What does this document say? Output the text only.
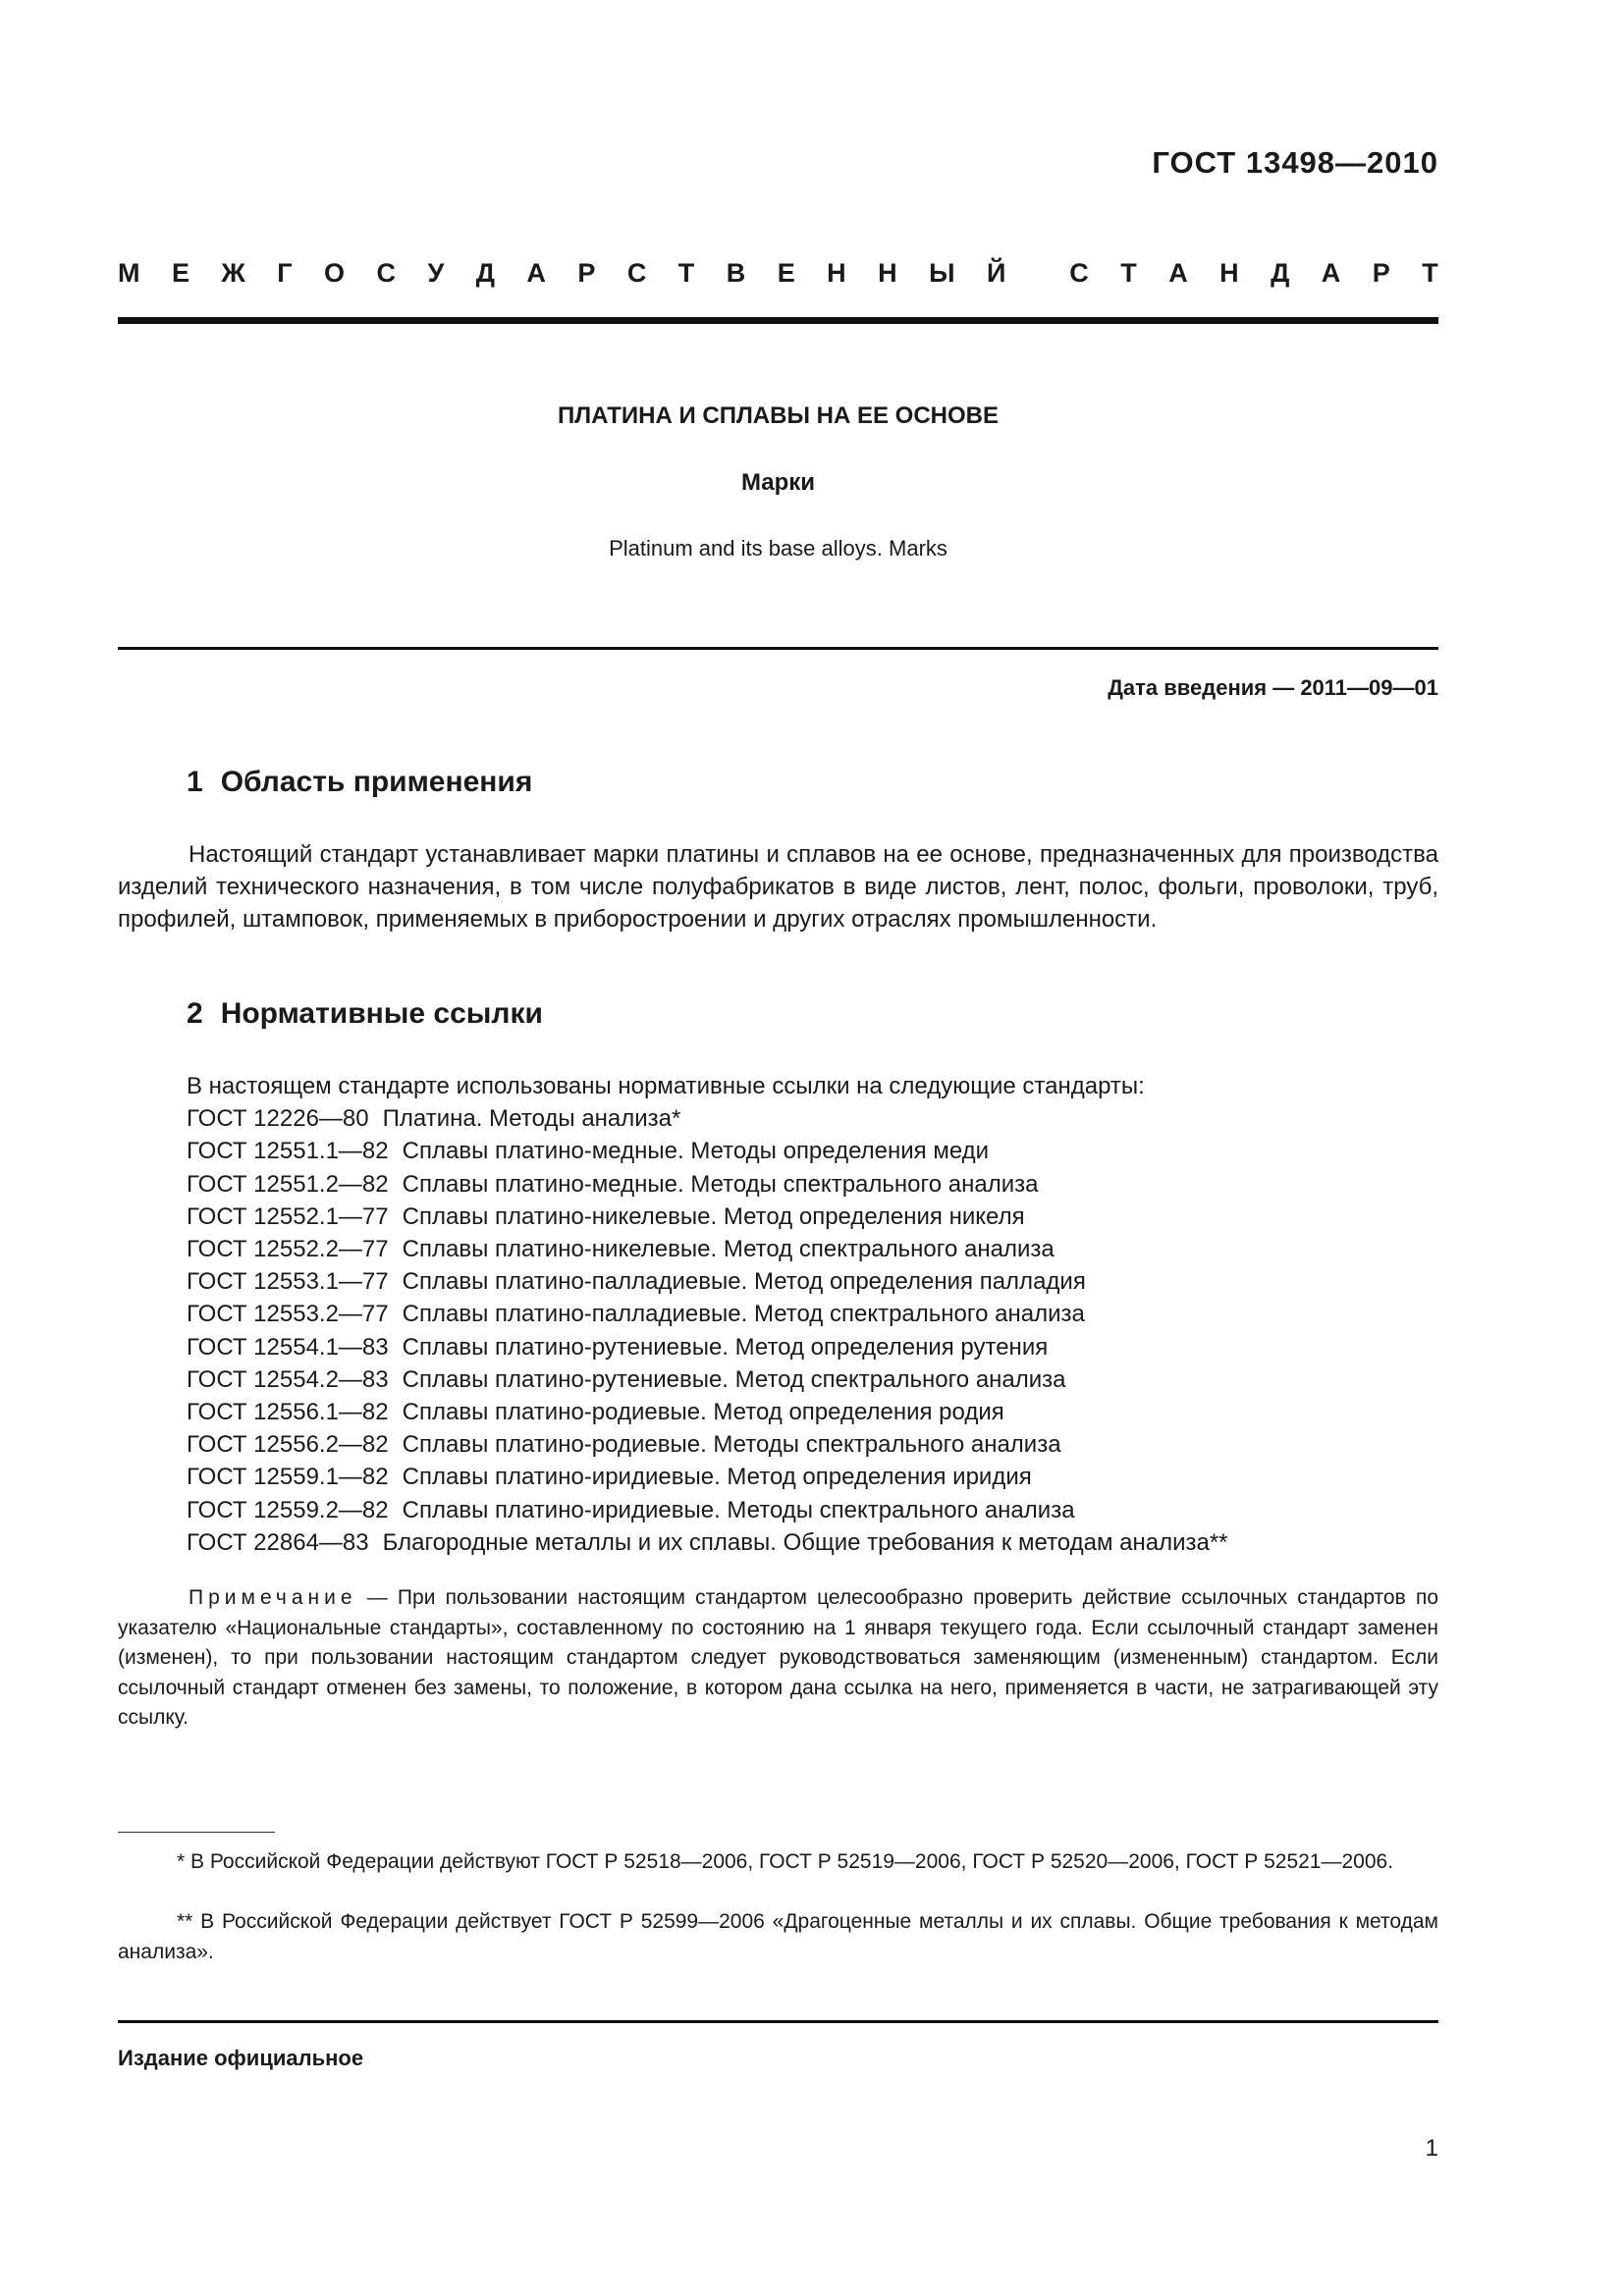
ГОСТ 13498—2010
М Е Ж Г О С У Д А Р С Т В Е Н Н Ы Й С Т А Н Д А Р Т
ПЛАТИНА И СПЛАВЫ НА ЕЕ ОСНОВЕ
Марки
Platinum and its base alloys. Marks
Дата введения — 2011—09—01
1 Область применения
Настоящий стандарт устанавливает марки платины и сплавов на ее основе, предназначенных для производства изделий технического назначения, в том числе полуфабрикатов в виде листов, лент, полос, фольги, проволоки, труб, профилей, штамповок, применяемых в приборостроении и других отраслях промышленности.
2 Нормативные ссылки
В настоящем стандарте использованы нормативные ссылки на следующие стандарты:
ГОСТ 12226—80 Платина. Методы анализа*
ГОСТ 12551.1—82 Сплавы платино-медные. Методы определения меди
ГОСТ 12551.2—82 Сплавы платино-медные. Методы спектрального анализа
ГОСТ 12552.1—77 Сплавы платино-никелевые. Метод определения никеля
ГОСТ 12552.2—77 Сплавы платино-никелевые. Метод спектрального анализа
ГОСТ 12553.1—77 Сплавы платино-палладиевые. Метод определения палладия
ГОСТ 12553.2—77 Сплавы платино-палладиевые. Метод спектрального анализа
ГОСТ 12554.1—83 Сплавы платино-рутениевые. Метод определения рутения
ГОСТ 12554.2—83 Сплавы платино-рутениевые. Метод спектрального анализа
ГОСТ 12556.1—82 Сплавы платино-родиевые. Метод определения родия
ГОСТ 12556.2—82 Сплавы платино-родиевые. Методы спектрального анализа
ГОСТ 12559.1—82 Сплавы платино-иридиевые. Метод определения иридия
ГОСТ 12559.2—82 Сплавы платино-иридиевые. Методы спектрального анализа
ГОСТ 22864—83 Благородные металлы и их сплавы. Общие требования к методам анализа**
Примечание — При пользовании настоящим стандартом целесообразно проверить действие ссылочных стандартов по указателю «Национальные стандарты», составленному по состоянию на 1 января текущего года. Если ссылочный стандарт заменен (изменен), то при пользовании настоящим стандартом следует руководствоваться заменяющим (измененным) стандартом. Если ссылочный стандарт отменен без замены, то положение, в котором дана ссылка на него, применяется в части, не затрагивающей эту ссылку.
* В Российской Федерации действуют ГОСТ Р 52518—2006, ГОСТ Р 52519—2006, ГОСТ Р 52520—2006, ГОСТ Р 52521—2006.
** В Российской Федерации действует ГОСТ Р 52599—2006 «Драгоценные металлы и их сплавы. Общие требования к методам анализа».
Издание официальное
1
